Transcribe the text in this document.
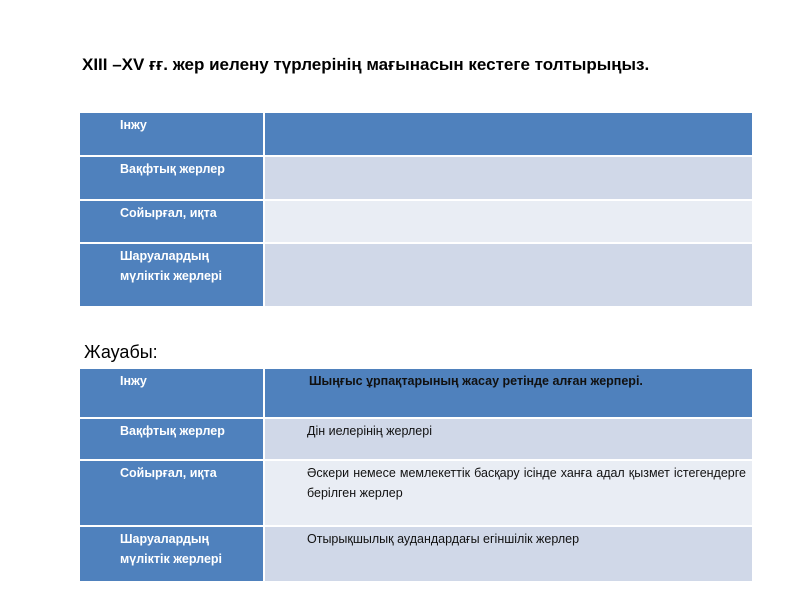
XIII –XV ғғ. жер иелену түрлерінің мағынасын кестеге толтырыңыз.
Інжу	
Вақфтық жерлер	
Сойырғал, иқта	
Шаруалардың мүліктік жерлері	
Жауабы:
Інжу	Шыңғыс ұрпақтарының жасау ретінде алған жерпері.
Вақфтық жерлер	Дін иелерінің жерлері
Сойырғал, иқта	Әскери немесе мемлекеттік басқару ісінде ханға адал қызмет істегендерге берілген жерлер
Шаруалардың мүліктік жерлері	Отырықшылық аудандардағы егіншілік жерлер
